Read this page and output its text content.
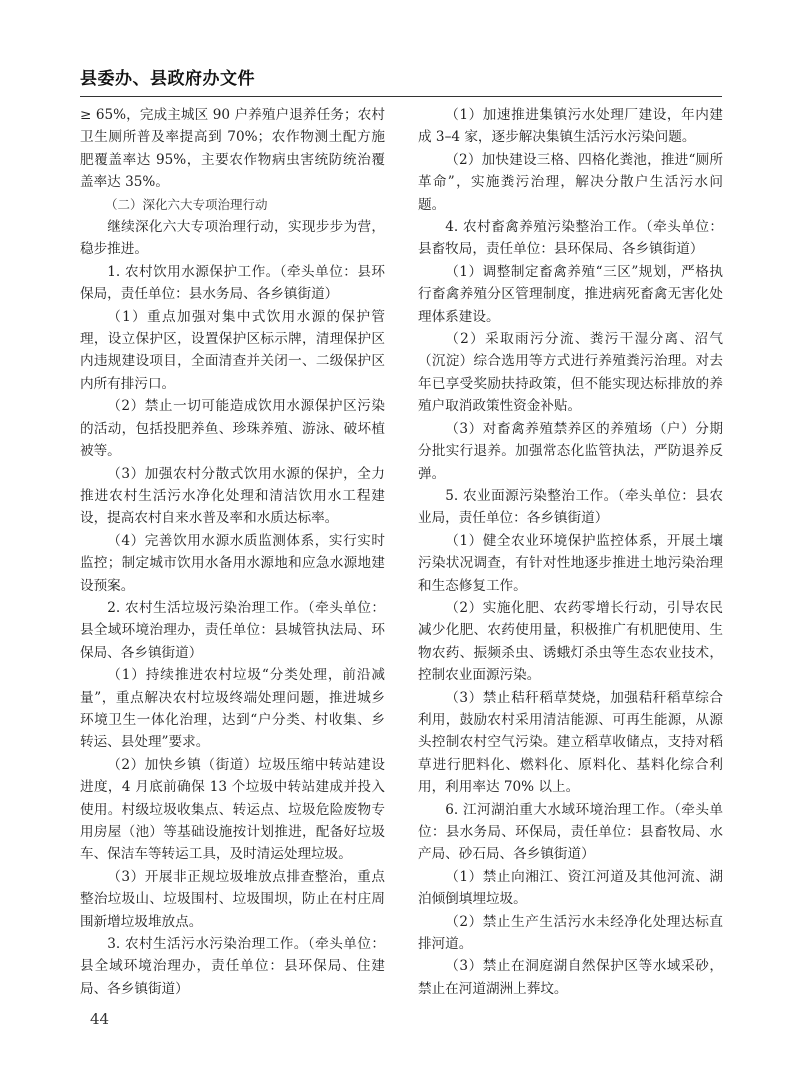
县委办、县政府办文件

≥ 65%，完成主城区 90 户养殖户退养任务；农村卫生厕所普及率提高到 70%；农作物测土配方施肥覆盖率达 95%，主要农作物病虫害统防统治覆盖率达 35%。

（二）深化六大专项治理行动

继续深化六大专项治理行动，实现步步为营，稳步推进。

1. 农村饮用水源保护工作。（牵头单位：县环保局，责任单位：县水务局、各乡镇街道）

（1）重点加强对集中式饮用水源的保护管理，设立保护区，设置保护区标示牌，清理保护区内违规建设项目，全面清查并关闭一、二级保护区内所有排污口。

（2）禁止一切可能造成饮用水源保护区污染的活动，包括投肥养鱼、珍珠养殖、游泳、破坏植被等。

（3）加强农村分散式饮用水源的保护，全力推进农村生活污水净化处理和清洁饮用水工程建设，提高农村自来水普及率和水质达标率。

（4）完善饮用水源水质监测体系，实行实时监控；制定城市饮用水备用水源地和应急水源地建设预案。

2. 农村生活垃圾污染治理工作。（牵头单位：县全域环境治理办，责任单位：县城管执法局、环保局、各乡镇街道）

（1）持续推进农村垃圾“分类处理，前沿减量”，重点解决农村垃圾终端处理问题，推进城乡环境卫生一体化治理，达到“户分类、村收集、乡转运、县处理”要求。

（2）加快乡镇（街道）垃圾压缩中转站建设进度，4 月底前确保 13 个垃圾中转站建成并投入使用。村级垃圾收集点、转运点、垃圾危险废物专用房屋（池）等基础设施按计划推进，配备好垃圾车、保洁车等转运工具，及时清运处理垃圾。

（3）开展非正规垃圾堆放点排查整治，重点整治垃圾山、垃圾围村、垃圾围坝，防止在村庄周围新增垃圾堆放点。

3. 农村生活污水污染治理工作。（牵头单位：县全域环境治理办，责任单位：县环保局、住建局、各乡镇街道）

（1）加速推进集镇污水处理厂建设，年内建成 3–4 家，逐步解决集镇生活污水污染问题。

（2）加快建设三格、四格化粪池，推进“厕所革命”，实施粪污治理，解决分散户生活污水问题。

4. 农村畜禽养殖污染整治工作。（牵头单位：县畜牧局，责任单位：县环保局、各乡镇街道）

（1）调整制定畜禽养殖“三区”规划，严格执行畜禽养殖分区管理制度，推进病死畜禽无害化处理体系建设。

（2）采取雨污分流、粪污干湿分离、沼气（沉淀）综合选用等方式进行养殖粪污治理。对去年已享受奖励扶持政策，但不能实现达标排放的养殖户取消政策性资金补贴。

（3）对畜禽养殖禁养区的养殖场（户）分期分批实行退养。加强常态化监管执法，严防退养反弹。

5. 农业面源污染整治工作。（牵头单位：县农业局，责任单位：各乡镇街道）

（1）健全农业环境保护监控体系，开展土壤污染状况调查，有针对性地逐步推进土地污染治理和生态修复工作。

（2）实施化肥、农药零增长行动，引导农民减少化肥、农药使用量，积极推广有机肥使用、生物农药、振频杀虫、诱蛾灯杀虫等生态农业技术，控制农业面源污染。

（3）禁止秸秆稻草焚烧，加强秸秆稻草综合利用，鼓励农村采用清洁能源、可再生能源，从源头控制农村空气污染。建立稻草收储点，支持对稻草进行肥料化、燃料化、原料化、基料化综合利用，利用率达 70% 以上。

6. 江河湖泊重大水域环境治理工作。（牵头单位：县水务局、环保局，责任单位：县畜牧局、水产局、砂石局、各乡镇街道）

（1）禁止向湘江、资江河道及其他河流、湖泊倾倒填埋垃圾。

（2）禁止生产生活污水未经净化处理达标直排河道。

（3）禁止在洞庭湖自然保护区等水域采砂，禁止在河道湖洲上葬坟。

44
